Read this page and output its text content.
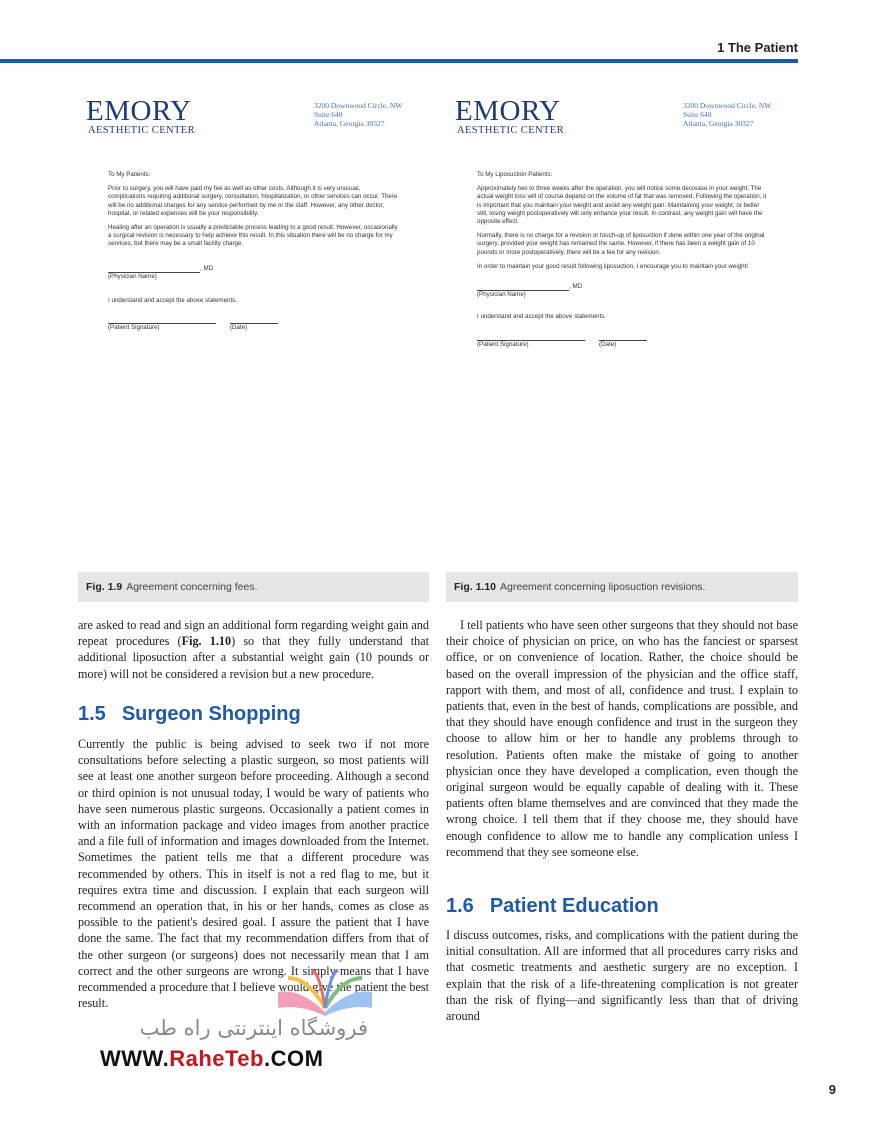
1 The Patient
EMORY
AESTHETIC CENTER
3200 Downwood Circle, NW
Suite 640
Atlanta, Georgia 30327

To My Patients:

Prior to surgery, you will have paid my fee as well as other costs. Although it is very unusual, complications requiring additional surgery, consultation, hospitalization, or other services can occur. There will be no additional charges for any service performed by me or the staff. However, any other doctor, hospital, or related expenses will be your responsibility.

Healing after an operation is usually a predictable process leading to a good result. However, occasionally a surgical revision is necessary to help achieve this result. In this situation there will be no charge for my services, but there may be a small facility charge.

, MD
(Physician Name)

I understand and accept the above statements.

(Patient Signature)	(Date)
EMORY
AESTHETIC CENTER
3200 Downwood Circle, NW
Suite 640
Atlanta, Georgia 30327

To My Liposuction Patients:

Approximately two to three weeks after the operation, you will notice some decrease in your weight. The actual weight loss will of course depend on the volume of fat that was removed. Following the operation, it is important that you maintain your weight and avoid any weight gain. Maintaining your weight, or better still, losing weight postoperatively will only enhance your result. In contrast, any weight gain will have the opposite effect.

Normally, there is no charge for a revision or touch-up of liposuction if done within one year of the original surgery, provided your weight has remained the same. However, if there has been a weight gain of 10 pounds or more postoperatively, there will be a fee for any revision.

In order to maintain your good result following liposuction, I encourage you to maintain your weight!

, MD
(Physician Name)

I understand and accept the above statements.

(Patient Signature)	(Date)
Fig. 1.9 Agreement concerning fees.	Fig. 1.10 Agreement concerning liposuction revisions.

are asked to read and sign an additional form regarding weight gain and repeat procedures (Fig. 1.10) so that they fully understand that additional liposuction after a substantial weight gain (10 pounds or more) will not be considered a revision but a new procedure.

1.5 Surgeon Shopping

Currently the public is being advised to seek two if not more consultations before selecting a plastic surgeon, so most patients will see at least one another surgeon before proceeding. Although a second or third opinion is not unusual today, I would be wary of patients who have seen numerous plastic surgeons. Occasionally a patient comes in with an information package and video images from another practice and a file full of information and images downloaded from the Internet. Sometimes the patient tells me that a different procedure was recommended by others. This in itself is not a red flag to me, but it requires extra time and discussion. I explain that each surgeon will recommend an operation that, in his or her hands, comes as close as possible to the patient's desired goal. I assure the patient that I have done the same. The fact that my recommendation differs from that of the other surgeon (or surgeons) does not necessarily mean that I am correct and the other surgeons are wrong. It simply means that I have recommended a procedure that I believe would give the patient the best result.

I tell patients who have seen other surgeons that they should not base their choice of physician on price, on who has the fanciest or sparsest office, or on convenience of location. Rather, the choice should be based on the overall impression of the physician and the office staff, rapport with them, and most of all, confidence and trust. I explain to patients that, even in the best of hands, complications are possible, and that they should have enough confidence and trust in the surgeon they choose to allow him or her to handle any problems through to resolution. Patients often make the mistake of going to another physician once they have developed a complication, even though the original surgeon would be equally capable of dealing with it. These patients often blame themselves and are convinced that they made the wrong choice. I tell them that if they choose me, they should have enough confidence to allow me to handle any complication unless I recommend that they see someone else.

1.6 Patient Education

I discuss outcomes, risks, and complications with the patient during the initial consultation. All are informed that all procedures carry risks and that cosmetic treatments and aesthetic surgery are no exception. I explain that the risk of a life-threatening complication is not greater than the risk of flying—and significantly less than that of driving around

فروشگاه اینترنتی راه طب
WWW.RaheTeb.COM
9
